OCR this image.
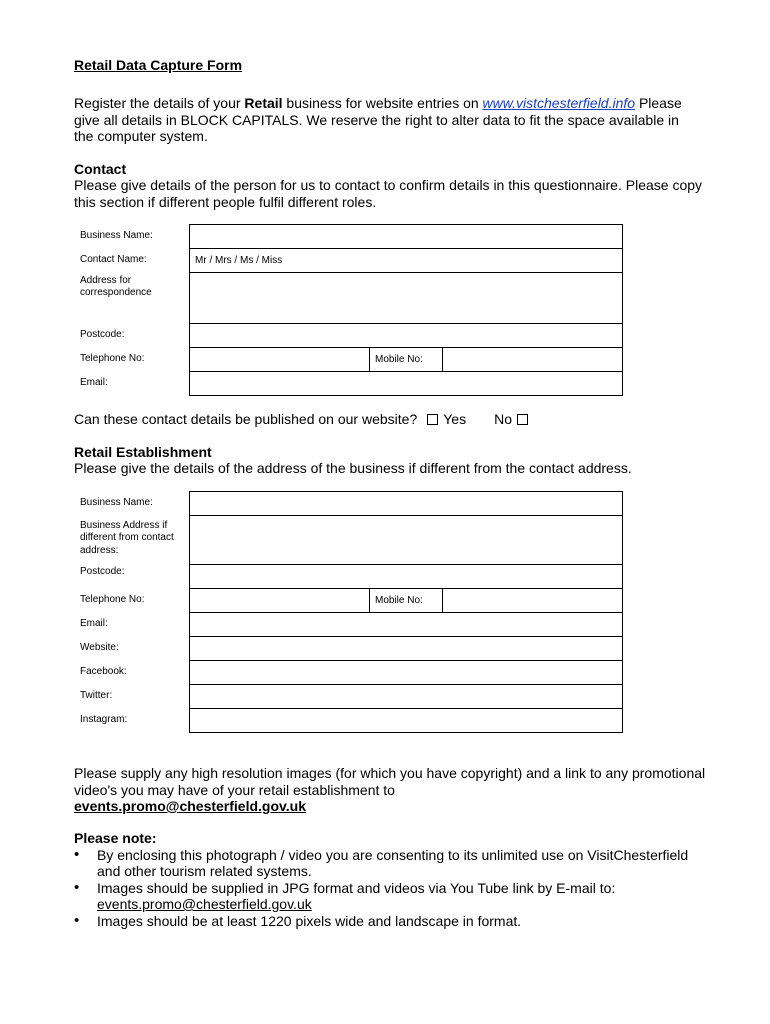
Retail Data Capture Form

Register the details of your Retail business for website entries on www.vistchesterfield.info Please give all details in BLOCK CAPITALS. We reserve the right to alter data to fit the space available in the computer system.

Contact

Please give details of the person for us to contact to confirm details in this questionnaire. Please copy this section if different people fulfil different roles.

Business Name:			
Contact Name:	Mr / Mrs / Ms / Miss		
Address for correspondence			
Postcode:			
Telephone No:		Mobile No:	
Email:			

Can these contact details be published on our website? Yes No

Retail Establishment

Please give the details of the address of the business if different from the contact address.

Business Name:			
Business Address if different from contact address:			
Postcode:			
Telephone No:		Mobile No:	
Email:			
Website:			
Facebook:			
Twitter:			
Instagram:			

Please supply any high resolution images (for which you have copyright) and a link to any promotional video's you may have of your retail establishment to
events.promo@chesterfield.gov.uk

Please note:
• By enclosing this photograph / video you are consenting to its unlimited use on VisitChesterfield and other tourism related systems.
• Images should be supplied in JPG format and videos via You Tube link by E-mail to: events.promo@chesterfield.gov.uk
• Images should be at least 1220 pixels wide and landscape in format.
